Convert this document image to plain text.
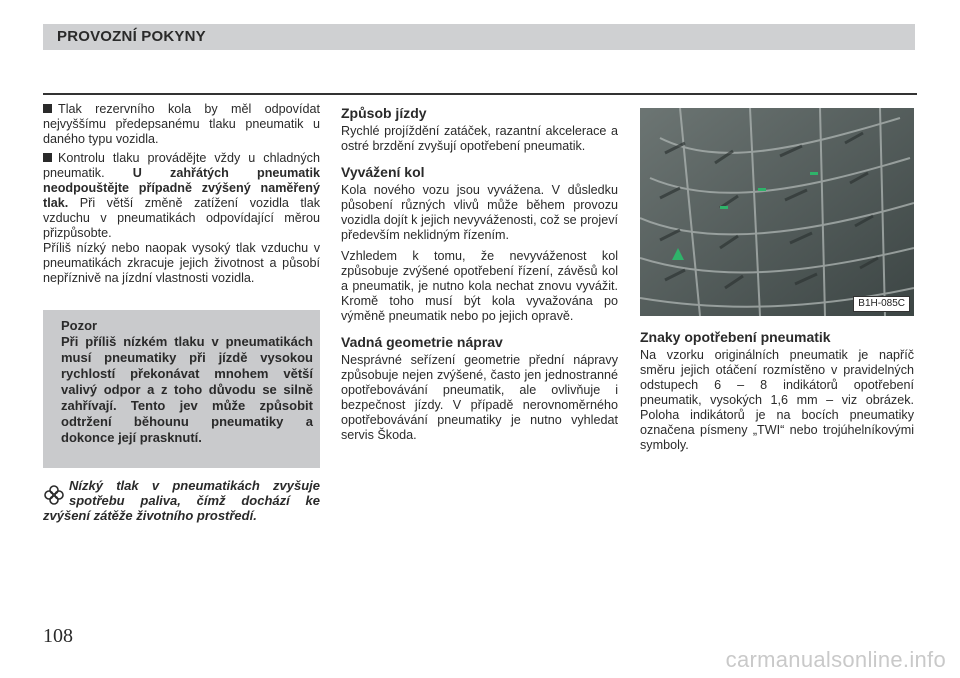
PROVOZNÍ POKYNY

Tlak rezervního kola by měl odpovídat nejvyššímu předepsanému tlaku pneumatik u daného typu vozidla.

Kontrolu tlaku provádějte vždy u chladných pneumatik. U zahřátých pneumatik neodpouštějte případně zvýšený naměřený tlak. Při větší změně zatížení vozidla tlak vzduchu v pneumatikách odpovídající měrou přizpůsobte.

Příliš nízký nebo naopak vysoký tlak vzduchu v pneumatikách zkracuje jejich životnost a působí nepříznivě na jízdní vlastnosti vozidla.

Pozor
Při příliš nízkém tlaku v pneumatikách musí pneumatiky při jízdě vysokou rychlostí překonávat mnohem větší valivý odpor a z toho důvodu se silně zahřívají. Tento jev může způsobit odtržení běhounu pneumatiky a dokonce její prasknutí.
Nízký tlak v pneumatikách zvyšuje spotřebu paliva, čímž dochází ke zvýšení zátěže životního prostředí.
Způsob jízdy

Rychlé projíždění zatáček, razantní akcelerace a ostré brzdění zvyšují opotřebení pneumatik.

Vyvážení kol

Kola nového vozu jsou vyvážena. V důsledku působení různých vlivů může během provozu vozidla dojít k jejich nevyváženosti, což se projeví především neklidným řízením.

Vzhledem k tomu, že nevyváženost kol způsobuje zvýšené opotřebení řízení, závěsů kol a pneumatik, je nutno kola nechat znovu vyvážit. Kromě toho musí být kola vyvažována po výměně pneumatik nebo po jejich opravě.

Vadná geometrie náprav

Nesprávné seřízení geometrie přední nápravy způsobuje nejen zvýšené, často jen jednostranné opotřebovávání pneumatik, ale ovlivňuje i bezpečnost jízdy. V případě nerovnoměrného opotřebovávání pneumatiky je nutno vyhledat servis Škoda.

B1H-085C
Znaky opotřebení pneumatik

Na vzorku originálních pneumatik je napříč směru jejich otáčení rozmístěno v pravidelných odstupech 6 – 8 indikátorů opotřebení pneumatik, vysokých 1,6 mm – viz obrázek. Poloha indikátorů je na bocích pneumatiky označena písmeny „TWI“ nebo trojúhelníkovými symboly.

108
carmanualsonline.info
